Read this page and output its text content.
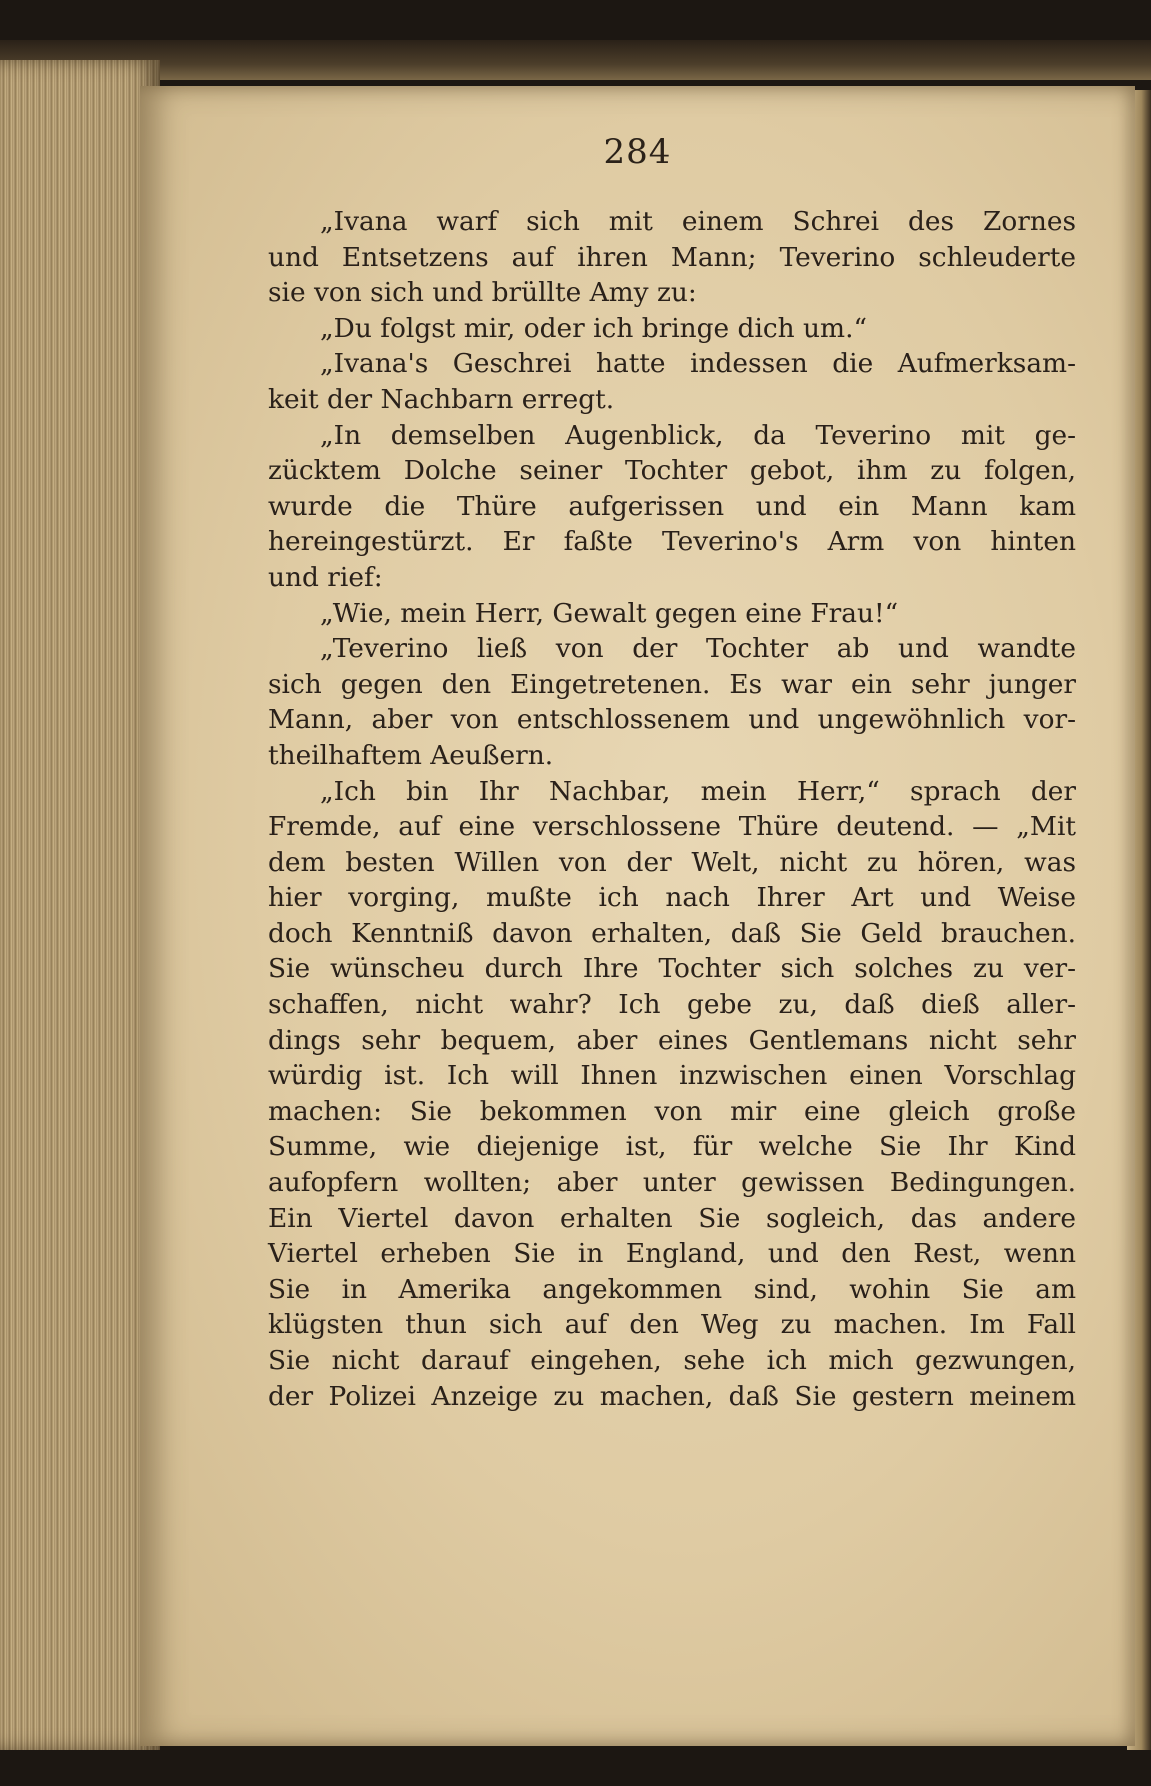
284
„Ivana warf sich mit einem Schrei des Zornes
und Entsetzens auf ihren Mann; Teverino schleuderte
sie von sich und brüllte Amy zu:
„Du folgst mir, oder ich bringe dich um.“
„Ivana's Geschrei hatte indessen die Aufmerksam-
keit der Nachbarn erregt.
„In demselben Augenblick, da Teverino mit ge-
zücktem Dolche seiner Tochter gebot, ihm zu folgen,
wurde die Thüre aufgerissen und ein Mann kam
hereingestürzt. Er faßte Teverino's Arm von hinten
und rief:
„Wie, mein Herr, Gewalt gegen eine Frau!“
„Teverino ließ von der Tochter ab und wandte
sich gegen den Eingetretenen. Es war ein sehr junger
Mann, aber von entschlossenem und ungewöhnlich vor-
theilhaftem Aeußern.
„Ich bin Ihr Nachbar, mein Herr,“ sprach der
Fremde, auf eine verschlossene Thüre deutend. — „Mit
dem besten Willen von der Welt, nicht zu hören, was
hier vorging, mußte ich nach Ihrer Art und Weise
doch Kenntniß davon erhalten, daß Sie Geld brauchen.
Sie wünscheu durch Ihre Tochter sich solches zu ver-
schaffen, nicht wahr? Ich gebe zu, daß dieß aller-
dings sehr bequem, aber eines Gentlemans nicht sehr
würdig ist. Ich will Ihnen inzwischen einen Vorschlag
machen: Sie bekommen von mir eine gleich große
Summe, wie diejenige ist, für welche Sie Ihr Kind
aufopfern wollten; aber unter gewissen Bedingungen.
Ein Viertel davon erhalten Sie sogleich, das andere
Viertel erheben Sie in England, und den Rest, wenn
Sie in Amerika angekommen sind, wohin Sie am
klügsten thun sich auf den Weg zu machen. Im Fall
Sie nicht darauf eingehen, sehe ich mich gezwungen,
der Polizei Anzeige zu machen, daß Sie gestern meinem
